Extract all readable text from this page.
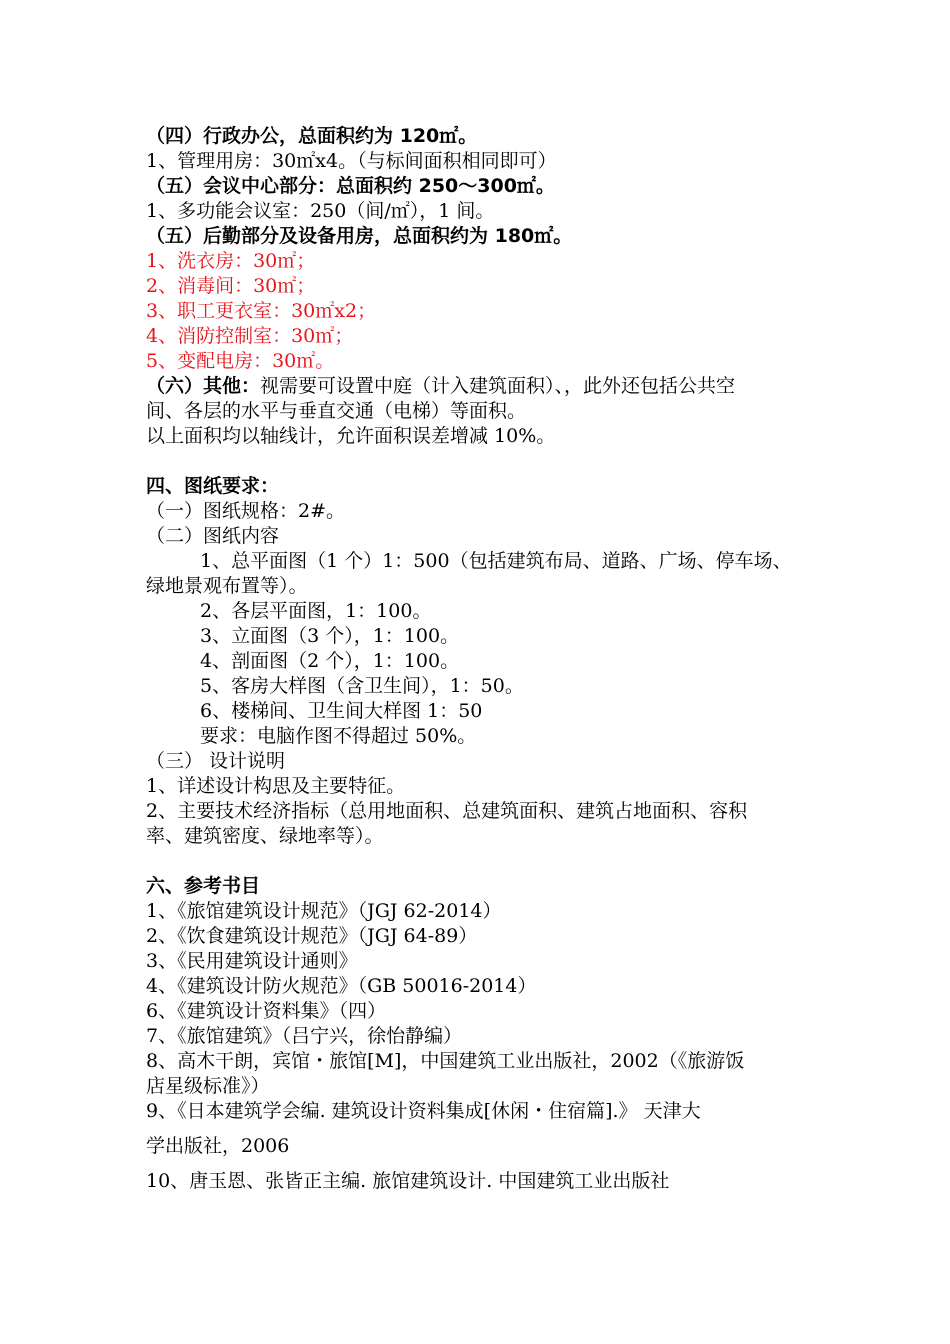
（四）行政办公，总面积约为 120㎡。
1、管理用房：30㎡x4。（与标间面积相同即可）
（五）会议中心部分：总面积约 250～300㎡。
1、多功能会议室：250（间/㎡），1 间。
（五）后勤部分及设备用房，总面积约为 180㎡。
1、洗衣房：30㎡；
2、消毒间：30㎡；
3、职工更衣室：30㎡x2；
4、消防控制室：30㎡；
5、变配电房：30㎡。
（六）其他：视需要可设置中庭（计入建筑面积）、，此外还包括公共空
间、各层的水平与垂直交通（电梯）等面积。
以上面积均以轴线计，允许面积误差增减 10%。
四、图纸要求：
（一）图纸规格：2#。
（二）图纸内容
1、总平面图（1 个）1：500（包括建筑布局、道路、广场、停车场、
绿地景观布置等）。
2、各层平面图，1：100。
3、立面图（3 个），1：100。
4、剖面图（2 个），1：100。
5、客房大样图（含卫生间），1：50。
6、楼梯间、卫生间大样图 1：50
要求：电脑作图不得超过 50%。
（三） 设计说明
1、详述设计构思及主要特征。
2、主要技术经济指标（总用地面积、总建筑面积、建筑占地面积、容积
率、建筑密度、绿地率等）。
六、参考书目
1、《旅馆建筑设计规范》（JGJ 62-2014）
2、《饮食建筑设计规范》（JGJ 64-89）
3、《民用建筑设计通则》
4、《建筑设计防火规范》（GB 50016-2014）
6、《建筑设计资料集》（四）
7、《旅馆建筑》（吕宁兴，徐怡静编）
8、高木干朗，宾馆・旅馆[M]，中国建筑工业出版社，2002（《旅游饭
店星级标准》）
9、《日本建筑学会编. 建筑设计资料集成[休闲・住宿篇].》 天津大
学出版社，2006
10、唐玉恩、张皆正主编. 旅馆建筑设计. 中国建筑工业出版社
